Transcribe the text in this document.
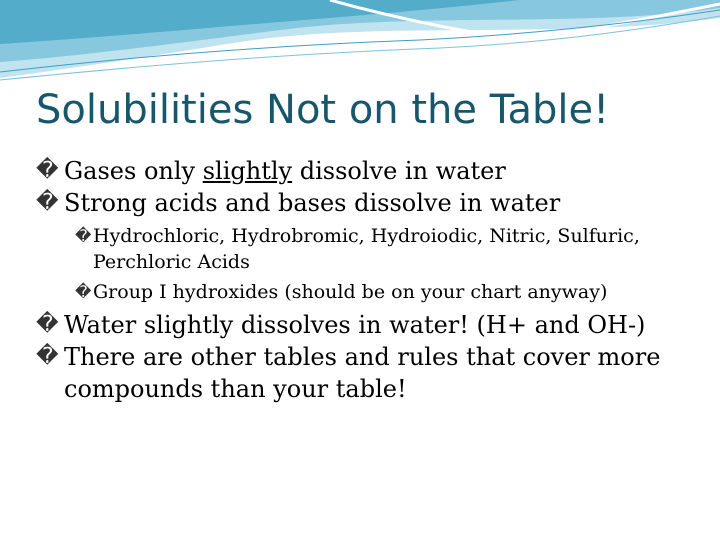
Solubilities Not on the Table!
� Gases only slightly dissolve in water
� Strong acids and bases dissolve in water
� Hydrochloric, Hydrobromic, Hydroiodic, Nitric, Sulfuric, Perchloric Acids
� Group I hydroxides (should be on your chart anyway)
� Water slightly dissolves in water! (H+ and OH-)
� There are other tables and rules that cover more compounds than your table!
